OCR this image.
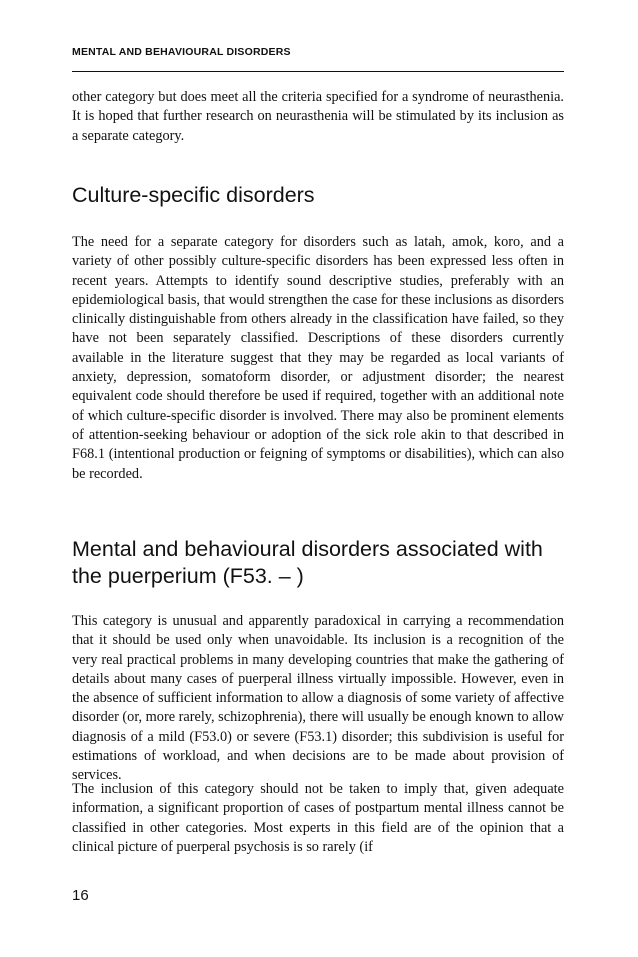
MENTAL AND BEHAVIOURAL DISORDERS

other category but does meet all the criteria specified for a syndrome of neurasthenia. It is hoped that further research on neurasthenia will be stimulated by its inclusion as a separate category.

Culture-specific disorders

The need for a separate category for disorders such as latah, amok, koro, and a variety of other possibly culture-specific disorders has been expressed less often in recent years. Attempts to identify sound descriptive studies, preferably with an epidemiological basis, that would strengthen the case for these inclusions as disorders clinically distinguishable from others already in the classification have failed, so they have not been separately classified. Descriptions of these disorders currently available in the literature suggest that they may be regarded as local variants of anxiety, depression, somatoform disorder, or adjustment disorder; the nearest equivalent code should therefore be used if required, together with an additional note of which culture-specific disorder is involved. There may also be prominent elements of attention-seeking behaviour or adoption of the sick role akin to that described in F68.1 (intentional production or feigning of symptoms or disabilities), which can also be recorded.

Mental and behavioural disorders associated with the puerperium (F53. – )

This category is unusual and apparently paradoxical in carrying a recommendation that it should be used only when unavoidable. Its inclusion is a recognition of the very real practical problems in many developing countries that make the gathering of details about many cases of puerperal illness virtually impossible. However, even in the absence of sufficient information to allow a diagnosis of some variety of affective disorder (or, more rarely, schizophrenia), there will usually be enough known to allow diagnosis of a mild (F53.0) or severe (F53.1) disorder; this subdivision is useful for estimations of workload, and when decisions are to be made about provision of services.

The inclusion of this category should not be taken to imply that, given adequate information, a significant proportion of cases of postpartum mental illness cannot be classified in other categories. Most experts in this field are of the opinion that a clinical picture of puerperal psychosis is so rarely (if

16
